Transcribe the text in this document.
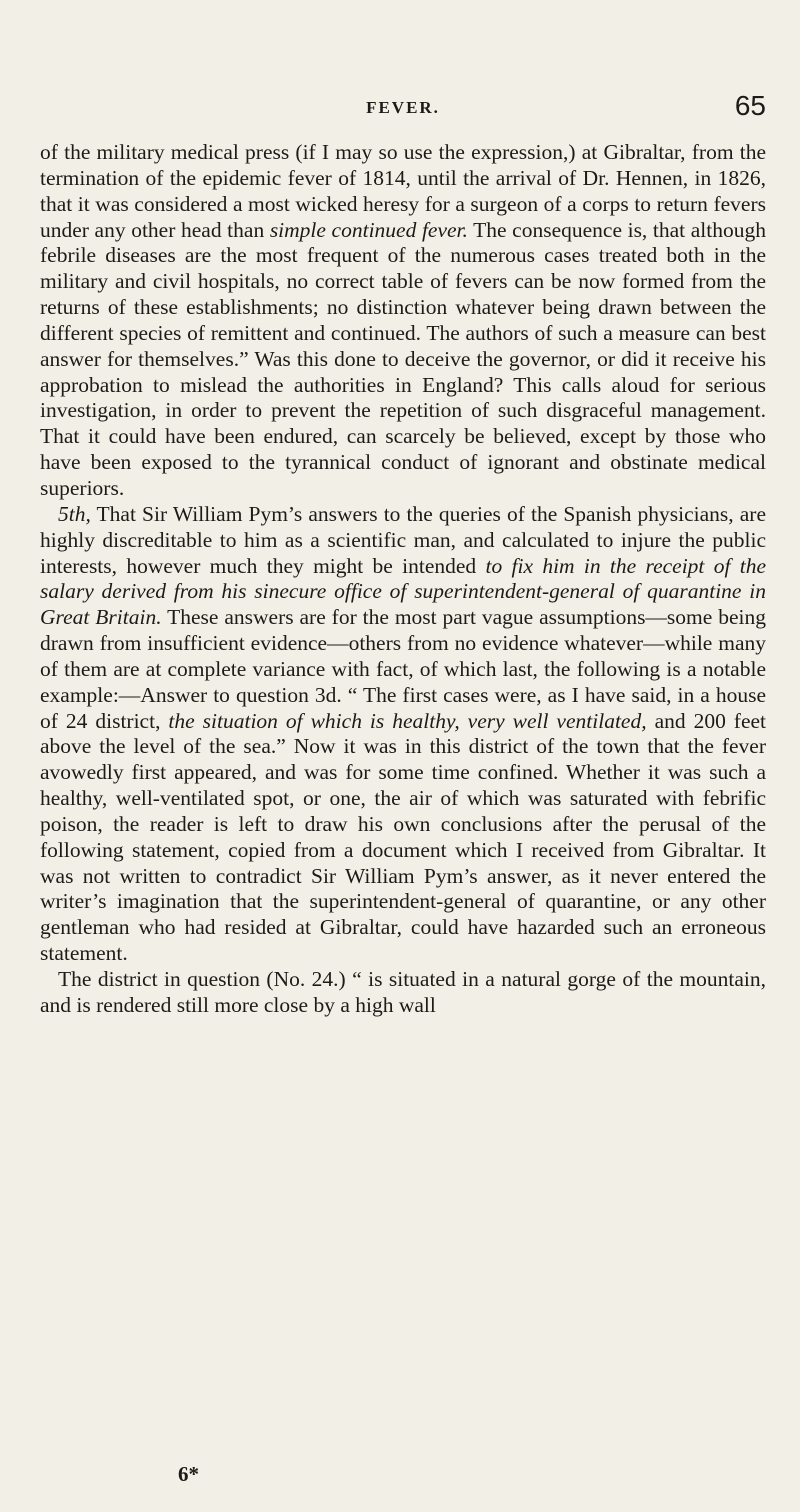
FEVER.	65

of the military medical press (if I may so use the expression,) at Gibraltar, from the termination of the epidemic fever of 1814, until the arrival of Dr. Hennen, in 1826, that it was considered a most wicked heresy for a surgeon of a corps to return fevers under any other head than simple continued fever. The consequence is, that although febrile diseases are the most frequent of the numerous cases treated both in the military and civil hospitals, no correct table of fevers can be now formed from the returns of these establishments; no distinction whatever being drawn between the different species of remittent and continued. The authors of such a measure can best answer for themselves.” Was this done to deceive the governor, or did it receive his approbation to mislead the authorities in England? This calls aloud for serious investigation, in order to prevent the repetition of such disgraceful management. That it could have been endured, can scarcely be believed, except by those who have been exposed to the tyrannical conduct of ignorant and obstinate medical superiors.

5th, That Sir William Pym’s answers to the queries of the Spanish physicians, are highly discreditable to him as a scientific man, and calculated to injure the public interests, however much they might be intended to fix him in the receipt of the salary derived from his sinecure office of superintendent-general of quarantine in Great Britain. These answers are for the most part vague assumptions—some being drawn from insufficient evidence—others from no evidence whatever—while many of them are at complete variance with fact, of which last, the following is a notable example:—Answer to question 3d. “ The first cases were, as I have said, in a house of 24 district, the situation of which is healthy, very well ventilated, and 200 feet above the level of the sea.” Now it was in this district of the town that the fever avowedly first appeared, and was for some time confined. Whether it was such a healthy, well-ventilated spot, or one, the air of which was saturated with febrific poison, the reader is left to draw his own conclusions after the perusal of the following statement, copied from a document which I received from Gibraltar. It was not written to contradict Sir William Pym’s answer, as it never entered the writer’s imagination that the superintendent-general of quarantine, or any other gentleman who had resided at Gibraltar, could have hazarded such an erroneous statement.

The district in question (No. 24.) “ is situated in a natural gorge of the mountain, and is rendered still more close by a high wall

6*
